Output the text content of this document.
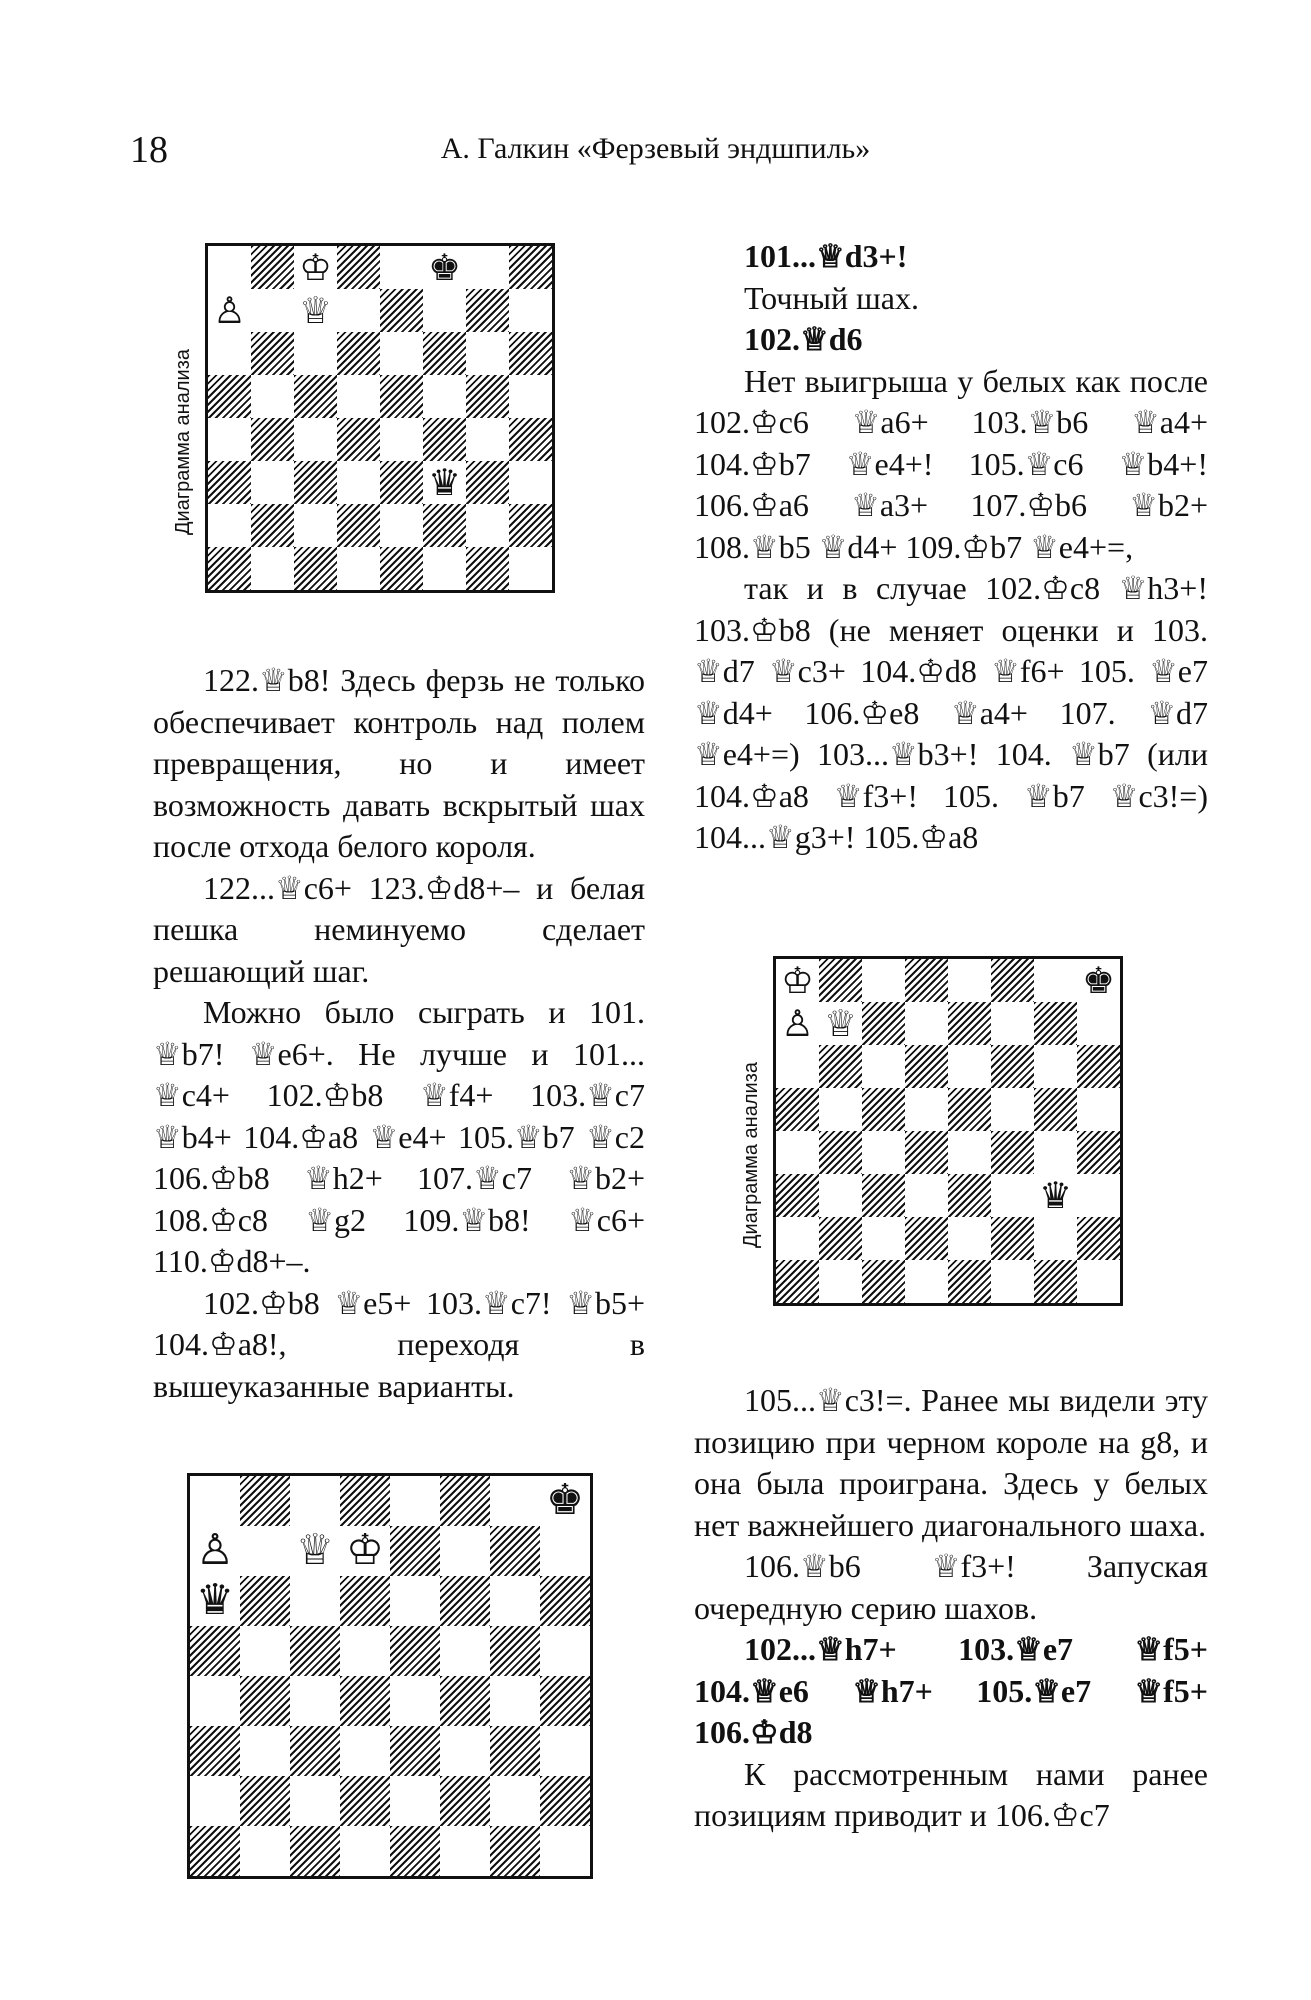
18	А. Галкин «Ферзевый эндшпиль»
Диаграмма анализа
♔	♚
♙ ♕
♛
Диаграмма анализа
♔	♚
♙ ♕
♛
♚
♙ ♕ ♔
♛

122.♕b8! Здесь ферзь не только обеспечивает контроль над полем превращения, но и имеет возможность давать вскрытый шах после отхода белого короля.

122...♕c6+ 123.♔d8+– и белая пешка неминуемо сделает решающий шаг.

Можно было сыграть и 101. ♕b7! ♕e6+. Не лучше и 101... ♕c4+ 102.♔b8 ♕f4+ 103.♕c7 ♕b4+ 104.♔a8 ♕e4+ 105.♕b7 ♕c2 106.♔b8 ♕h2+ 107.♕c7 ♕b2+ 108.♔c8 ♕g2 109.♕b8! ♕c6+ 110.♔d8+–.

102.♔b8 ♕e5+ 103.♕c7! ♕b5+ 104.♔a8!, переходя в вышеуказанные варианты.

101...♕d3+!

Точный шах.

102.♕d6

Нет выигрыша у белых как после 102.♔c6 ♕a6+ 103.♕b6 ♕a4+ 104.♔b7 ♕e4+! 105.♕c6 ♕b4+! 106.♔a6 ♕a3+ 107.♔b6 ♕b2+ 108.♕b5 ♕d4+ 109.♔b7 ♕e4+=,

так и в случае 102.♔c8 ♕h3+! 103.♔b8 (не меняет оценки и 103. ♕d7 ♕c3+ 104.♔d8 ♕f6+ 105. ♕e7 ♕d4+ 106.♔e8 ♕a4+ 107. ♕d7 ♕e4+=) 103...♕b3+! 104. ♕b7 (или 104.♔a8 ♕f3+! 105. ♕b7 ♕c3!=) 104...♕g3+! 105.♔a8

105...♕c3!=. Ранее мы видели эту позицию при черном короле на g8, и она была проиграна. Здесь у белых нет важнейшего диагонального шаха.

106.♕b6 ♕f3+! Запуская очередную серию шахов.

102...♕h7+ 103.♕e7 ♕f5+ 104.♕e6 ♕h7+ 105.♕e7 ♕f5+ 106.♔d8

К рассмотренным нами ранее позициям приводит и 106.♔c7
